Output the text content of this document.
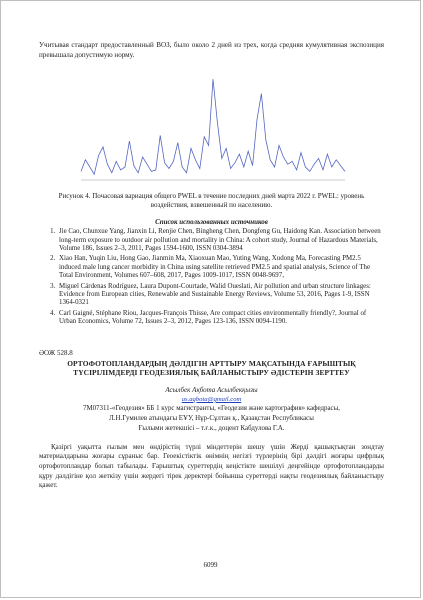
Учитывая стандарт предоставленный ВОЗ, было около 2 дней из трех, когда средняя кумулятивная экспозиция превышала допустимую норму.

Рисунок 4. Почасовая вариация общего PWEL в течение последних дней марта 2022 г. PWEL: уровень воздействия, взвешенный по населению.

Список использованных источников

1. Jie Cao, Chunxue Yang, Jianxin Li, Renjie Chen, Bingheng Chen, Dongfeng Gu, Haidong Kan. Association between long-term exposure to outdoor air pollution and mortality in China: A cohort study, Journal of Hazardous Materials, Volume 186, Issues 2–3, 2011, Pages 1594-1600, ISSN 0304-3894
2. Xiao Han, Yuqin Liu, Hong Gao, Jianmin Ma, Xiaoxuan Mao, Yuting Wang, Xudong Ma, Forecasting PM2.5 induced male lung cancer morbidity in China using satellite retrieved PM2.5 and spatial analysis, Science of The Total Environment, Volumes 607–608, 2017, Pages 1009-1017, ISSN 0048-9697,
3. Miguel Cárdenas Rodríguez, Laura Dupont-Courtade, Walid Oueslati, Air pollution and urban structure linkages: Evidence from European cities, Renewable and Sustainable Energy Reviews, Volume 53, 2016, Pages 1-9, ISSN 1364-0321
4. Carl Gaigné, Stéphane Riou, Jacques-François Thisse, Are compact cities environmentally friendly?, Journal of Urban Economics, Volume 72, Issues 2–3, 2012, Pages 123-136, ISSN 0094-1190.

ӘОЖ 528.8

ОРТОФОТОПЛАНДАРДЫҢ ДӘЛДІГІН АРТТЫРУ МАҚСАТЫНДА ҒАРЫШТЫҚ ТҮСІРІЛІМДЕРДІ ГЕОДЕЗИЯЛЫҚ БАЙЛАНЫСТЫРУ ӘДІСТЕРІН ЗЕРТТЕУ

Асылбек Ақбота Асылбекқызы

as.aqbota@gmail.com

7М07311-«Геодезия» ББ 1 курс магистранты, «Геодезия және картография» кафедрасы,

Л.Н.Гумилев атындағы ЕҰУ, Нұр-Сұлтан қ., Қазақстан Республикасы

Ғылыми жетекшісі – т.ғ.к., доцент Кабдулова Г.А.

Қазіргі уақытта ғылым мен өндірістің түрлі міндеттерін шешу үшін Жерді қашықтықтан зондтау материалдарына жоғары сұраныс бар. Геоекістіктік өнімнің негізгі түрлерінің бірі дәлдігі жоғары цифрлық ортофотопландар болып табылады. Ғарыштық суреттердің кеңістікте шешілуі деңгейінде ортофотопландарды құру дәлдігіне қол жеткізу үшін жердегі тірек деректері бойынша суреттерді нақты геодезиялық байланыстыру қажет.

6099
